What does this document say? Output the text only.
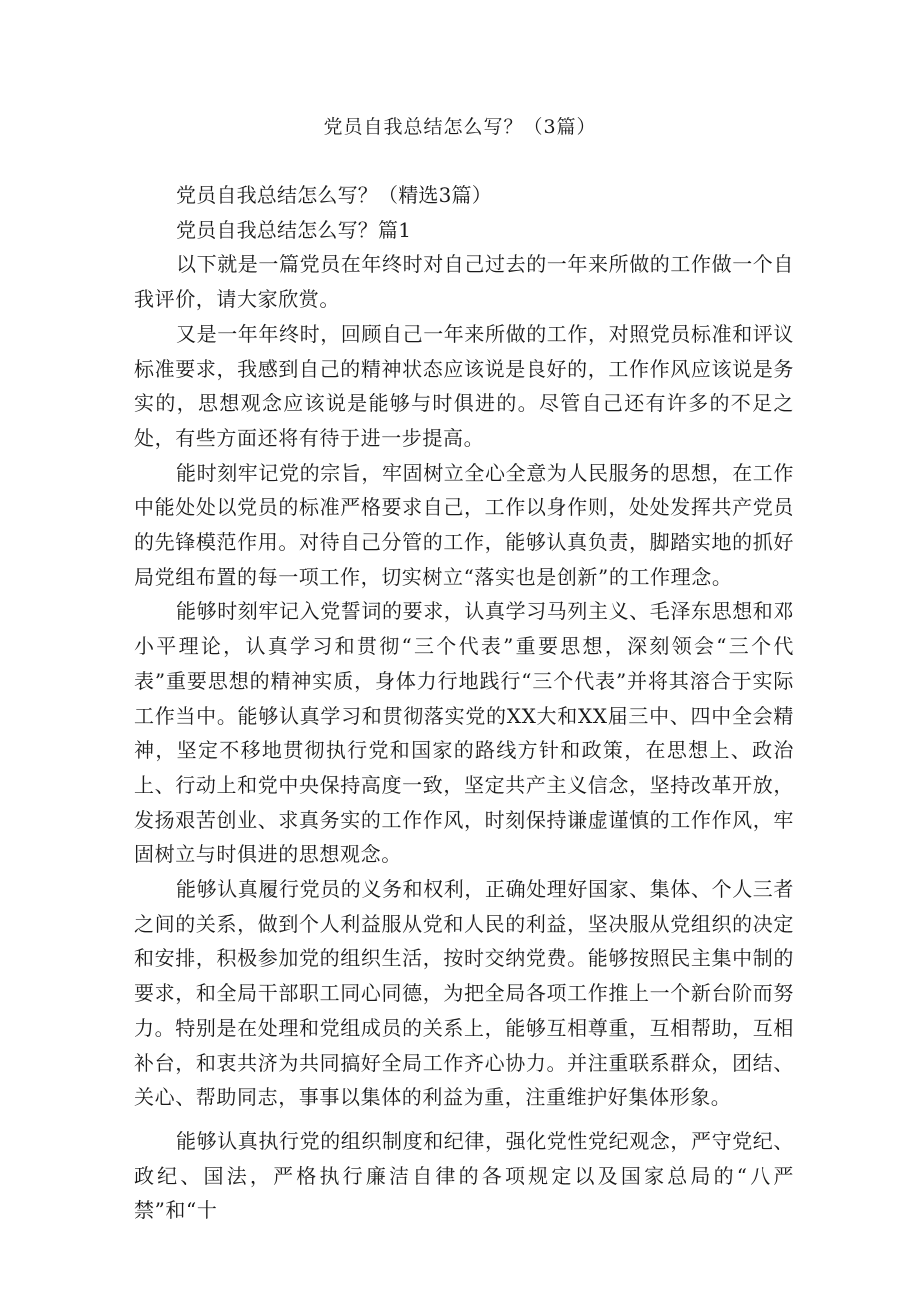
党员自我总结怎么写？（3篇）

党员自我总结怎么写？（精选3篇）

党员自我总结怎么写？篇1

以下就是一篇党员在年终时对自己过去的一年来所做的工作做一个自我评价，请大家欣赏。

又是一年年终时，回顾自己一年来所做的工作，对照党员标准和评议标准要求，我感到自己的精神状态应该说是良好的，工作作风应该说是务实的，思想观念应该说是能够与时俱进的。尽管自己还有许多的不足之处，有些方面还将有待于进一步提高。

能时刻牢记党的宗旨，牢固树立全心全意为人民服务的思想，在工作中能处处以党员的标准严格要求自己，工作以身作则，处处发挥共产党员的先锋模范作用。对待自己分管的工作，能够认真负责，脚踏实地的抓好局党组布置的每一项工作，切实树立“落实也是创新”的工作理念。

能够时刻牢记入党誓词的要求，认真学习马列主义、毛泽东思想和邓小平理论，认真学习和贯彻“三个代表”重要思想，深刻领会“三个代表”重要思想的精神实质，身体力行地践行“三个代表”并将其溶合于实际工作当中。能够认真学习和贯彻落实党的XX大和XX届三中、四中全会精神，坚定不移地贯彻执行党和国家的路线方针和政策，在思想上、政治上、行动上和党中央保持高度一致，坚定共产主义信念，坚持改革开放，发扬艰苦创业、求真务实的工作作风，时刻保持谦虚谨慎的工作作风，牢固树立与时俱进的思想观念。

能够认真履行党员的义务和权利，正确处理好国家、集体、个人三者之间的关系，做到个人利益服从党和人民的利益，坚决服从党组织的决定和安排，积极参加党的组织生活，按时交纳党费。能够按照民主集中制的要求，和全局干部职工同心同德，为把全局各项工作推上一个新台阶而努力。特别是在处理和党组成员的关系上，能够互相尊重，互相帮助，互相补台，和衷共济为共同搞好全局工作齐心协力。并注重联系群众，团结、关心、帮助同志，事事以集体的利益为重，注重维护好集体形象。

能够认真执行党的组织制度和纪律，强化党性党纪观念，严守党纪、政纪、国法，严格执行廉洁自律的各项规定以及国家总局的“八严禁”和“十
